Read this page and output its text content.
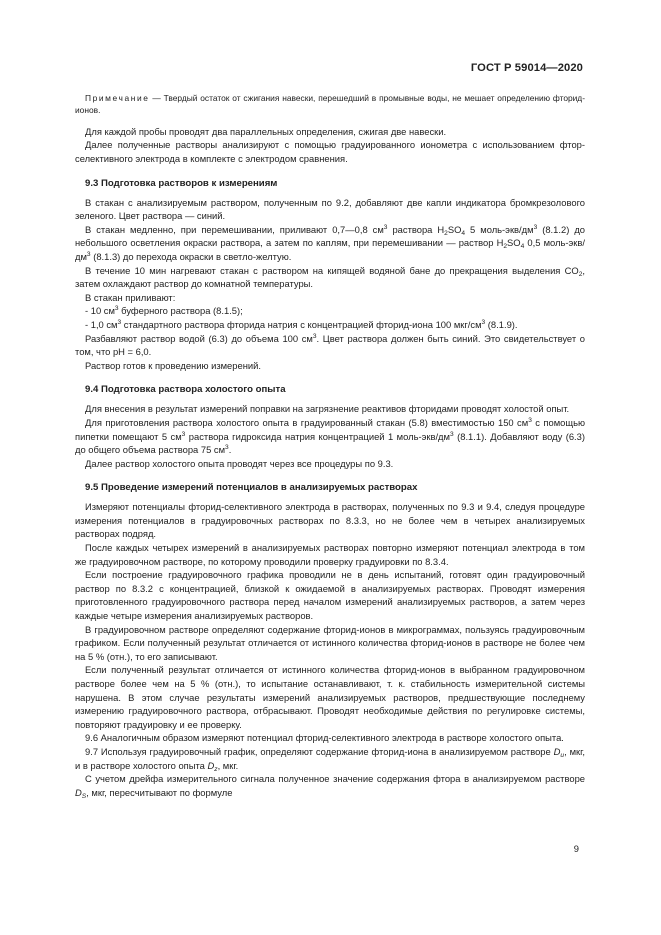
ГОСТ Р 59014—2020

Примечание — Твердый остаток от сжигания навески, перешедший в промывные воды, не мешает определению фторид-ионов.

Для каждой пробы проводят два параллельных определения, сжигая две навески.

Далее полученные растворы анализируют с помощью градуированного ионометра с использованием фтор-селективного электрода в комплекте с электродом сравнения.

9.3 Подготовка растворов к измерениям

В стакан с анализируемым раствором, полученным по 9.2, добавляют две капли индикатора бромкрезолового зеленого. Цвет раствора — синий.

В стакан медленно, при перемешивании, приливают 0,7—0,8 $см^3$ раствора $H_2SO_4$ 5 моль-$экв/дм^3$ (8.1.2) до небольшого осветления окраски раствора, а затем по каплям, при перемешивании — раствор $H_2SO_4$ 0,5 моль-$экв/дм^3$ (8.1.3) до перехода окраски в светло-желтую.

В течение 10 мин нагревают стакан с раствором на кипящей водяной бане до прекращения выделения $CO_2$, затем охлаждают раствор до комнатной температуры.

В стакан приливают:

- 10 $см^3$ буферного раствора (8.1.5);

- 1,0 $см^3$ стандартного раствора фторида натрия с концентрацией фторид-иона 100 мкг/$см^3$ (8.1.9).

Разбавляют раствор водой (6.3) до объема 100 $см^3$. Цвет раствора должен быть синий. Это свидетельствует о том, что pH = 6,0.

Раствор готов к проведению измерений.

9.4 Подготовка раствора холостого опыта

Для внесения в результат измерений поправки на загрязнение реактивов фторидами проводят холостой опыт.

Для приготовления раствора холостого опыта в градуированный стакан (5.8) вместимостью 150 $см^3$ с помощью пипетки помещают 5 $см^3$ раствора гидроксида натрия концентрацией 1 моль-$экв/дм^3$ (8.1.1). Добавляют воду (6.3) до общего объема раствора 75 $см^3$.

Далее раствор холостого опыта проводят через все процедуры по 9.3.

9.5 Проведение измерений потенциалов в анализируемых растворах

Измеряют потенциалы фторид-селективного электрода в растворах, полученных по 9.3 и 9.4, следуя процедуре измерения потенциалов в градуировочных растворах по 8.3.3, но не более чем в четырех анализируемых растворах подряд.

После каждых четырех измерений в анализируемых растворах повторно измеряют потенциал электрода в том же градуировочном растворе, по которому проводили проверку градуировки по 8.3.4.

Если построение градуировочного графика проводили не в день испытаний, готовят один градуировочный раствор по 8.3.2 с концентрацией, близкой к ожидаемой в анализируемых растворах. Проводят измерения приготовленного градуировочного раствора перед началом измерений анализируемых растворов, а затем через каждые четыре измерения анализируемых растворов.

В градуировочном растворе определяют содержание фторид-ионов в микрограммах, пользуясь градуировочным графиком. Если полученный результат отличается от истинного количества фторид-ионов в растворе не более чем на 5 % (отн.), то его записывают.

Если полученный результат отличается от истинного количества фторид-ионов в выбранном градуировочном растворе более чем на 5 % (отн.), то испытание останавливают, т. к. стабильность измерительной системы нарушена. В этом случае результаты измерений анализируемых растворов, предшествующие последнему измерению градуировочного раствора, отбрасывают. Проводят необходимые действия по регулировке системы, повторяют градуировку и ее проверку.

9.6 Аналогичным образом измеряют потенциал фторид-селективного электрода в растворе холостого опыта.

9.7 Используя градуировочный график, определяют содержание фторид-иона в анализируемом растворе $D_u$, мкг, и в растворе холостого опыта $D_z$, мкг.

С учетом дрейфа измерительного сигнала полученное значение содержания фтора в анализируемом растворе $D_S$, мкг, пересчитывают по формуле

9
